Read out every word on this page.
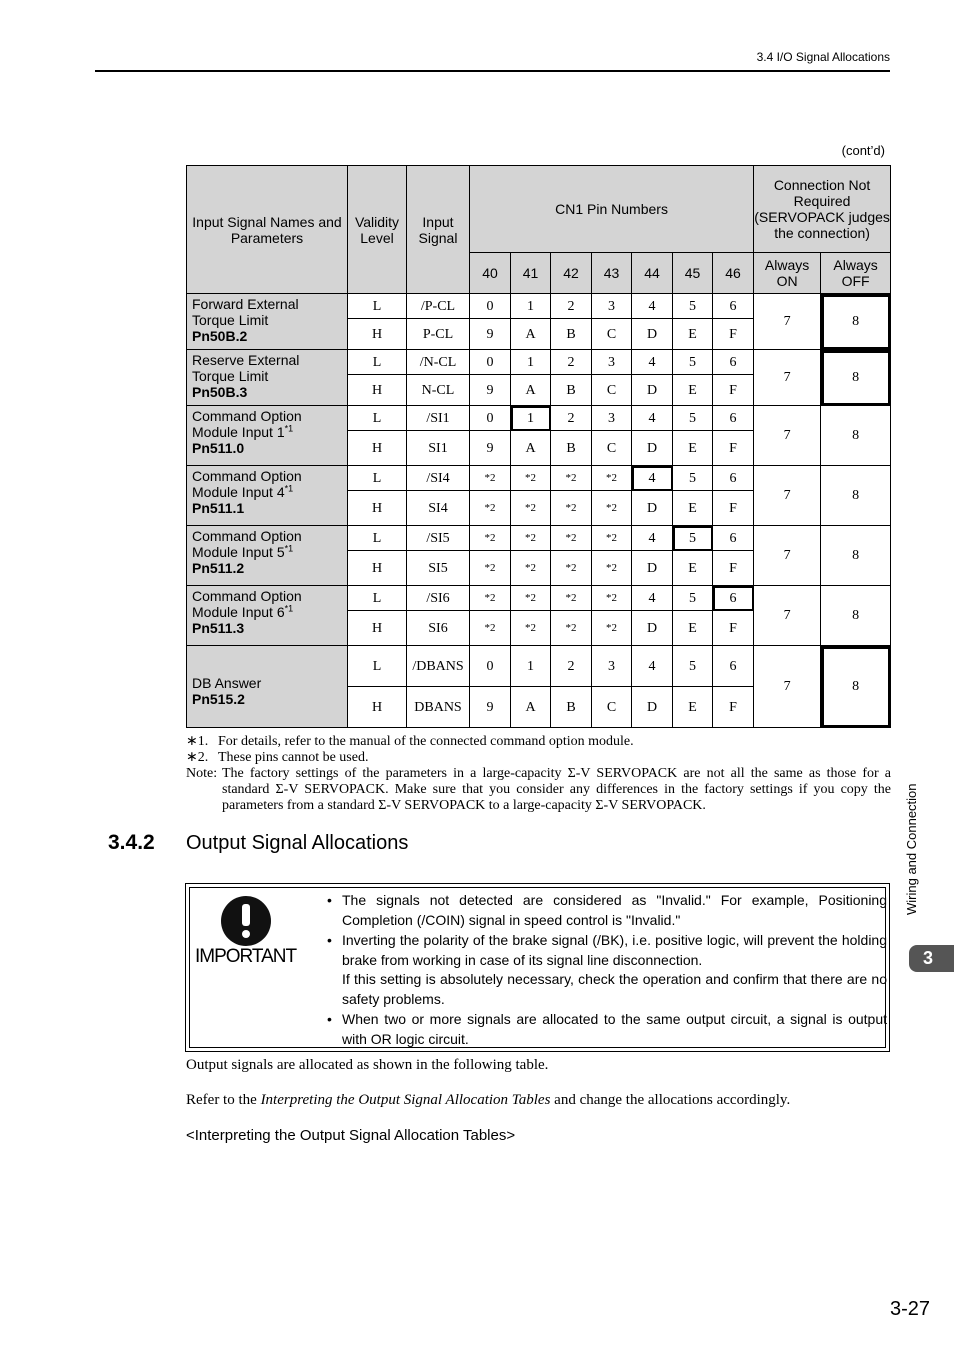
3.4 I/O Signal Allocations
(cont’d)
Input Signal Names and Parameters	Validity Level	Input Signal	CN1 Pin Numbers							Connection Not Required (SERVOPACK judges the connection)	
			40	41	42	43	44	45	46	Always ON	Always OFF
Forward External
Torque Limit
Pn50B.2	L	/P-CL	0	1	2	3	4	5	6	7	8
	H	P-CL	9	A	B	C	D	E	F		
Reserve External
Torque Limit
Pn50B.3	L	/N-CL	0	1	2	3	4	5	6	7	8
	H	N-CL	9	A	B	C	D	E	F		
Command Option
Module Input 1$^{*1}$
Pn511.0	L	/SI1	0	1	2	3	4	5	6	7	8
	H	SI1	9	A	B	C	D	E	F		
Command Option
Module Input 4$^{*1}$
Pn511.1	L	/SI4	*2	*2	*2	*2	4	5	6	7	8
	H	SI4	*2	*2	*2	*2	D	E	F		
Command Option
Module Input 5$^{*1}$
Pn511.2	L	/SI5	*2	*2	*2	*2	4	5	6	7	8
	H	SI5	*2	*2	*2	*2	D	E	F		
Command Option
Module Input 6$^{*1}$
Pn511.3	L	/SI6	*2	*2	*2	*2	4	5	6	7	8
	H	SI6	*2	*2	*2	*2	D	E	F		
DB Answer
Pn515.2	L	/DBANS	0	1	2	3	4	5	6	7	8
	H	DBANS	9	A	B	C	D	E	F		
∗1. For details, refer to the manual of the connected command option module.
∗2. These pins cannot be used.
Note: The factory settings of the parameters in a large-capacity Σ-V SERVOPACK are not all the same as those for a standard Σ-V SERVOPACK. Make sure that you consider any differences in the factory settings if you copy the parameters from a standard Σ-V SERVOPACK to a large-capacity Σ-V SERVOPACK.
3.4.2 Output Signal Allocations
IMPORTANT
• The signals not detected are considered as "Invalid." For example, Positioning Completion (/COIN) signal in speed control is "Invalid."
• Inverting the polarity of the brake signal (/BK), i.e. positive logic, will prevent the holding brake from working in case of its signal line disconnection.
If this setting is absolutely necessary, check the operation and confirm that there are no safety problems.
• When two or more signals are allocated to the same output circuit, a signal is output with OR logic circuit.
Output signals are allocated as shown in the following table.
Refer to the Interpreting the Output Signal Allocation Tables and change the allocations accordingly.
<Interpreting the Output Signal Allocation Tables>
Wiring and Connection
3
3-27
